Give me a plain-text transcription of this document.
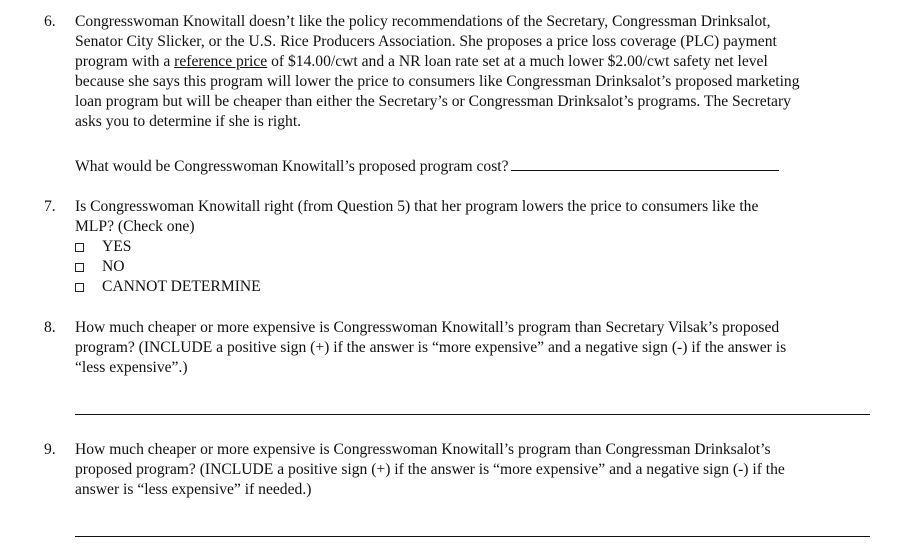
6. Congresswoman Knowitall doesn’t like the policy recommendations of the Secretary, Congressman Drinksalot,
Senator City Slicker, or the U.S. Rice Producers Association. She proposes a price loss coverage (PLC) payment
program with a reference price of $14.00/cwt and a NR loan rate set at a much lower $2.00/cwt safety net level
because she says this program will lower the price to consumers like Congressman Drinksalot’s proposed marketing
loan program but will be cheaper than either the Secretary’s or Congressman Drinksalot’s programs. The Secretary
asks you to determine if she is right.
What would be Congresswoman Knowitall’s proposed program cost?
7. Is Congresswoman Knowitall right (from Question 5) that her program lowers the price to consumers like the
MLP? (Check one)
YES
NO
CANNOT DETERMINE
8. How much cheaper or more expensive is Congresswoman Knowitall’s program than Secretary Vilsak’s proposed
program? (INCLUDE a positive sign (+) if the answer is “more expensive” and a negative sign (-) if the answer is
“less expensive”.)
9. How much cheaper or more expensive is Congresswoman Knowitall’s program than Congressman Drinksalot’s
proposed program? (INCLUDE a positive sign (+) if the answer is “more expensive” and a negative sign (-) if the
answer is “less expensive” if needed.)
